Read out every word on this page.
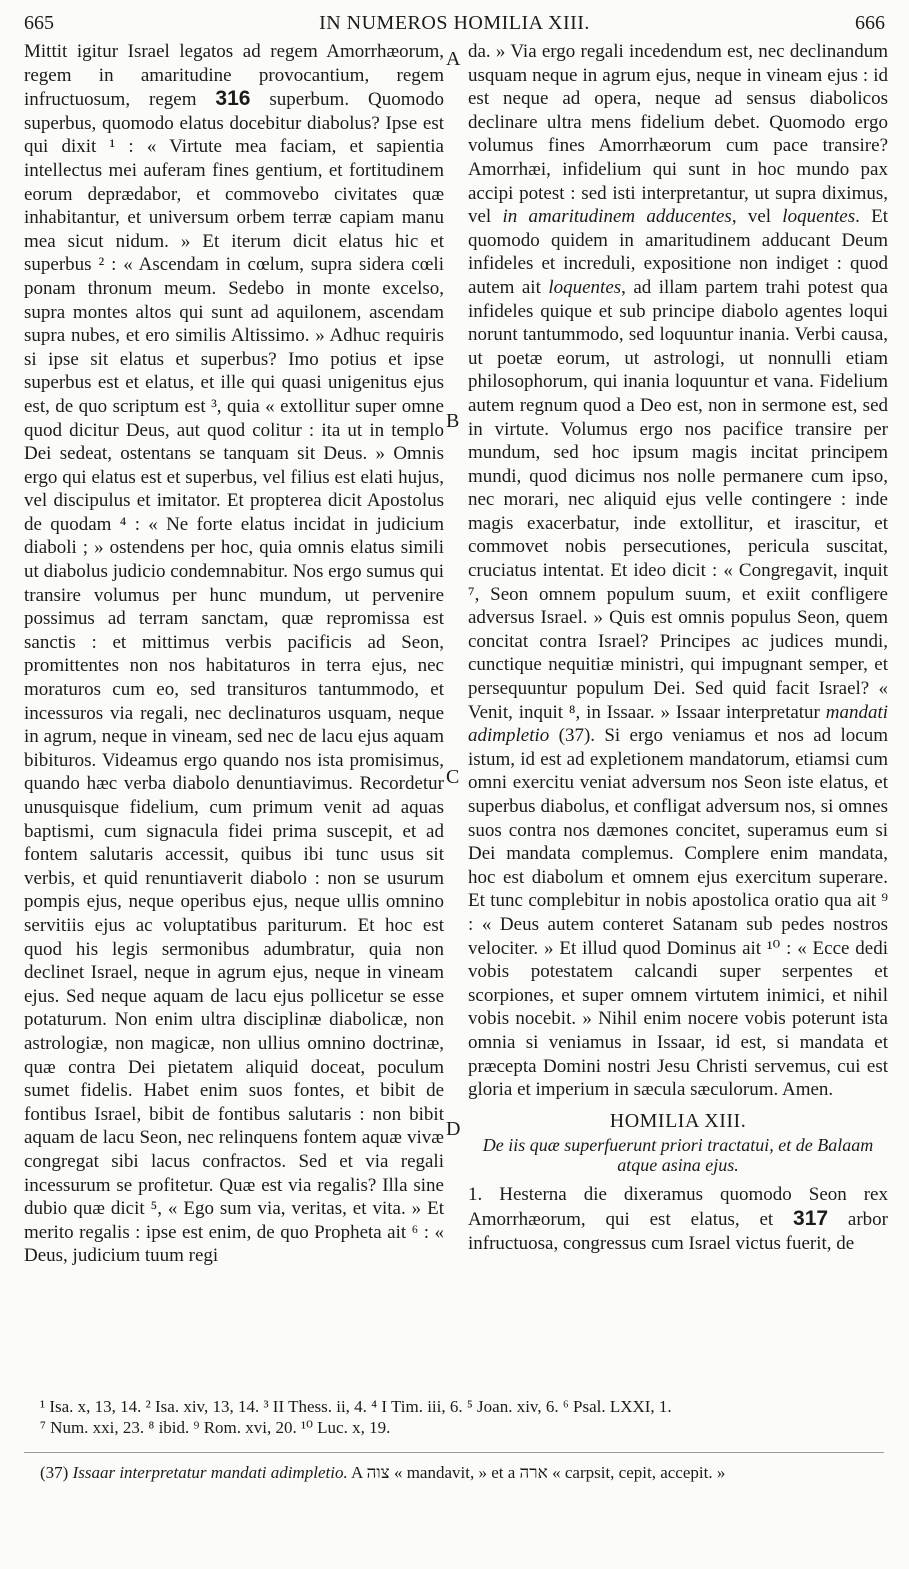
665	IN NUMEROS HOMILIA XIII.	666
A
B
C
D

Mittit igitur Israel legatos ad regem Amorrhæorum, regem in amaritudine provocantium, regem infructuosum, regem 316 superbum. Quomodo superbus, quomodo elatus docebitur diabolus? Ipse est qui dixit ¹ : « Virtute mea faciam, et sapientia intellectus mei auferam fines gentium, et fortitudinem eorum deprædabor, et commovebo civitates quæ inhabitantur, et universum orbem terræ capiam manu mea sicut nidum. » Et iterum dicit elatus hic et superbus ² : « Ascendam in cœlum, supra sidera cœli ponam thronum meum. Sedebo in monte excelso, supra montes altos qui sunt ad aquilonem, ascendam supra nubes, et ero similis Altissimo. » Adhuc requiris si ipse sit elatus et superbus? Imo potius et ipse superbus est et elatus, et ille qui quasi unigenitus ejus est, de quo scriptum est ³, quia « extollitur super omne quod dicitur Deus, aut quod colitur : ita ut in templo Dei sedeat, ostentans se tanquam sit Deus. » Omnis ergo qui elatus est et superbus, vel filius est elati hujus, vel discipulus et imitator. Et propterea dicit Apostolus de quodam ⁴ : « Ne forte elatus incidat in judicium diaboli ; » ostendens per hoc, quia omnis elatus simili ut diabolus judicio condemnabitur. Nos ergo sumus qui transire volumus per hunc mundum, ut pervenire possimus ad terram sanctam, quæ repromissa est sanctis : et mittimus verbis pacificis ad Seon, promittentes non nos habitaturos in terra ejus, nec moraturos cum eo, sed transituros tantummodo, et incessuros via regali, nec declinaturos usquam, neque in agrum, neque in vineam, sed nec de lacu ejus aquam bibituros. Videamus ergo quando nos ista promisimus, quando hæc verba diabolo denuntiavimus. Recordetur unusquisque fidelium, cum primum venit ad aquas baptismi, cum signacula fidei prima suscepit, et ad fontem salutaris accessit, quibus ibi tunc usus sit verbis, et quid renuntiaverit diabolo : non se usurum pompis ejus, neque operibus ejus, neque ullis omnino servitiis ejus ac voluptatibus pariturum. Et hoc est quod his legis sermonibus adumbratur, quia non declinet Israel, neque in agrum ejus, neque in vineam ejus. Sed neque aquam de lacu ejus pollicetur se esse potaturum. Non enim ultra disciplinæ diabolicæ, non astrologiæ, non magicæ, non ullius omnino doctrinæ, quæ contra Dei pietatem aliquid doceat, poculum sumet fidelis. Habet enim suos fontes, et bibit de fontibus Israel, bibit de fontibus salutaris : non bibit aquam de lacu Seon, nec relinquens fontem aquæ vivæ congregat sibi lacus confractos. Sed et via regali incessurum se profitetur. Quæ est via regalis? Illa sine dubio quæ dicit ⁵, « Ego sum via, veritas, et vita. » Et merito regalis : ipse est enim, de quo Propheta ait ⁶ : « Deus, judicium tuum regi

da. » Via ergo regali incedendum est, nec declinandum usquam neque in agrum ejus, neque in vineam ejus : id est neque ad opera, neque ad sensus diabolicos declinare ultra mens fidelium debet. Quomodo ergo volumus fines Amorrhæorum cum pace transire? Amorrhæi, infidelium qui sunt in hoc mundo pax accipi potest : sed isti interpretantur, ut supra diximus, vel in amaritudinem adducentes, vel loquentes. Et quomodo quidem in amaritudinem adducant Deum infideles et increduli, expositione non indiget : quod autem ait loquentes, ad illam partem trahi potest qua infideles quique et sub principe diabolo agentes loqui norunt tantummodo, sed loquuntur inania. Verbi causa, ut poetæ eorum, ut astrologi, ut nonnulli etiam philosophorum, qui inania loquuntur et vana. Fidelium autem regnum quod a Deo est, non in sermone est, sed in virtute. Volumus ergo nos pacifice transire per mundum, sed hoc ipsum magis incitat principem mundi, quod dicimus nos nolle permanere cum ipso, nec morari, nec aliquid ejus velle contingere : inde magis exacerbatur, inde extollitur, et irascitur, et commovet nobis persecutiones, pericula suscitat, cruciatus intentat. Et ideo dicit : « Congregavit, inquit ⁷, Seon omnem populum suum, et exiit confligere adversus Israel. » Quis est omnis populus Seon, quem concitat contra Israel? Principes ac judices mundi, cunctique nequitiæ ministri, qui impugnant semper, et persequuntur populum Dei. Sed quid facit Israel? « Venit, inquit ⁸, in Issaar. » Issaar interpretatur mandati adimpletio (37). Si ergo veniamus et nos ad locum istum, id est ad expletionem mandatorum, etiamsi cum omni exercitu veniat adversum nos Seon iste elatus, et superbus diabolus, et confligat adversum nos, si omnes suos contra nos dæmones concitet, superamus eum si Dei mandata complemus. Complere enim mandata, hoc est diabolum et omnem ejus exercitum superare. Et tunc complebitur in nobis apostolica oratio qua ait ⁹ : « Deus autem conteret Satanam sub pedes nostros velociter. » Et illud quod Dominus ait ¹⁰ : « Ecce dedi vobis potestatem calcandi super serpentes et scorpiones, et super omnem virtutem inimici, et nihil vobis nocebit. » Nihil enim nocere vobis poterunt ista omnia si veniamus in Issaar, id est, si mandata et præcepta Domini nostri Jesu Christi servemus, cui est gloria et imperium in sæcula sæculorum. Amen.

HOMILIA XIII.
De iis quæ superfuerunt priori tractatui, et de Balaam atque asina ejus.

1. Hesterna die dixeramus quomodo Seon rex Amorrhæorum, qui est elatus, et 317 arbor infructuosa, congressus cum Israel victus fuerit, de

¹ Isa. x, 13, 14. ² Isa. xiv, 13, 14. ³ II Thess. ii, 4. ⁴ I Tim. iii, 6. ⁵ Joan. xiv, 6. ⁶ Psal. LXXI, 1.
⁷ Num. xxi, 23. ⁸ ibid. ⁹ Rom. xvi, 20. ¹⁰ Luc. x, 19.
(37) Issaar interpretatur mandati adimpletio. A צוה « mandavit, » et a ארה « carpsit, cepit, accepit. »
